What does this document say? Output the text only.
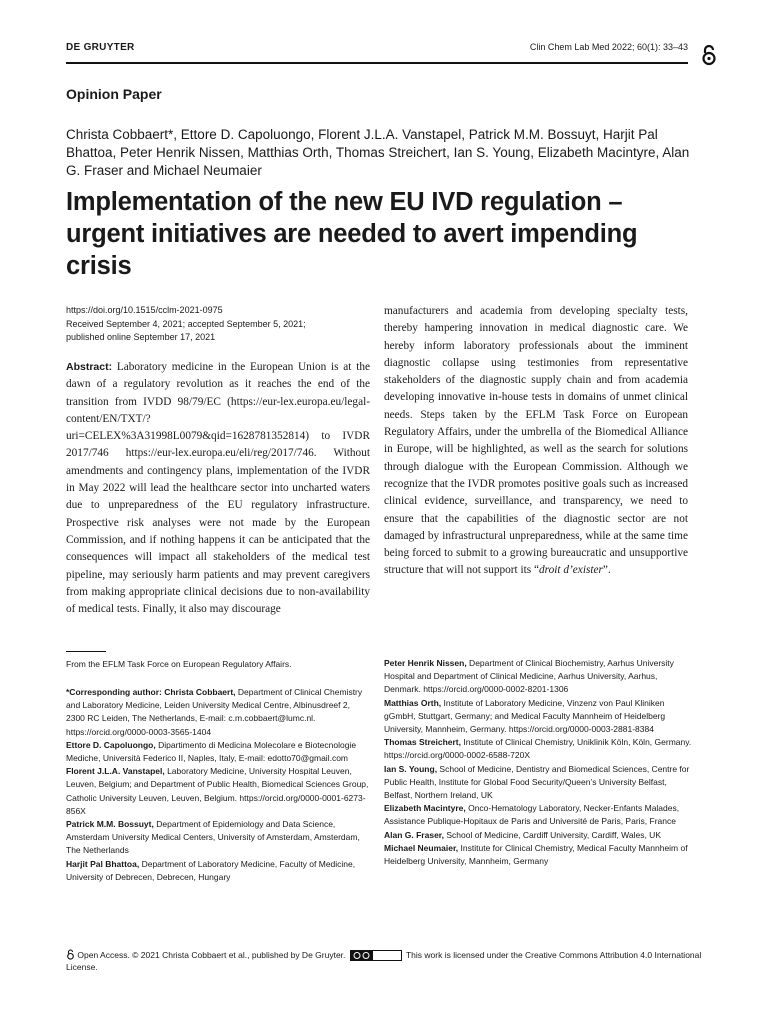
DE GRUYTER	Clin Chem Lab Med 2022; 60(1): 33–43
Opinion Paper
Christa Cobbaert*, Ettore D. Capoluongo, Florent J.L.A. Vanstapel, Patrick M.M. Bossuyt, Harjit Pal Bhattoa, Peter Henrik Nissen, Matthias Orth, Thomas Streichert, Ian S. Young, Elizabeth Macintyre, Alan G. Fraser and Michael Neumaier
Implementation of the new EU IVD regulation – urgent initiatives are needed to avert impending crisis
https://doi.org/10.1515/cclm-2021-0975
Received September 4, 2021; accepted September 5, 2021;
published online September 17, 2021
Abstract: Laboratory medicine in the European Union is at the dawn of a regulatory revolution as it reaches the end of the transition from IVDD 98/79/EC (https://eur-lex.europa.eu/legal-content/EN/TXT/?uri=CELEX%3A31998L0079&qid=1628781352814) to IVDR 2017/746 https://eur-lex.europa.eu/eli/reg/2017/746. Without amendments and contingency plans, implementation of the IVDR in May 2022 will lead the healthcare sector into uncharted waters due to unpreparedness of the EU regulatory infrastructure. Prospective risk analyses were not made by the European Commission, and if nothing happens it can be anticipated that the consequences will impact all stakeholders of the medical test pipeline, may seriously harm patients and may prevent caregivers from making appropriate clinical decisions due to non-availability of medical tests. Finally, it also may discourage
manufacturers and academia from developing specialty tests, thereby hampering innovation in medical diagnostic care. We hereby inform laboratory professionals about the imminent diagnostic collapse using testimonies from representative stakeholders of the diagnostic supply chain and from academia developing innovative in-house tests in domains of unmet clinical needs. Steps taken by the EFLM Task Force on European Regulatory Affairs, under the umbrella of the Biomedical Alliance in Europe, will be highlighted, as well as the search for solutions through dialogue with the European Commission. Although we recognize that the IVDR promotes positive goals such as increased clinical evidence, surveillance, and transparency, we need to ensure that the capabilities of the diagnostic sector are not damaged by infrastructural unpreparedness, while at the same time being forced to submit to a growing bureaucratic and unsupportive structure that will not support its “droit d’exister”.
From the EFLM Task Force on European Regulatory Affairs.

*Corresponding author: Christa Cobbaert, Department of Clinical Chemistry and Laboratory Medicine, Leiden University Medical Centre, Albinusdreef 2, 2300 RC Leiden, The Netherlands, E-mail: c.m.cobbaert@lumc.nl. https://orcid.org/0000-0003-3565-1404

Ettore D. Capoluongo, Dipartimento di Medicina Molecolare e Biotecnologie Mediche, Università Federico II, Naples, Italy, E-mail: edotto70@gmail.com

Florent J.L.A. Vanstapel, Laboratory Medicine, University Hospital Leuven, Leuven, Belgium; and Department of Public Health, Biomedical Sciences Group, Catholic University Leuven, Leuven, Belgium. https://orcid.org/0000-0001-6273-856X

Patrick M.M. Bossuyt, Department of Epidemiology and Data Science, Amsterdam University Medical Centers, University of Amsterdam, Amsterdam, The Netherlands

Harjit Pal Bhattoa, Department of Laboratory Medicine, Faculty of Medicine, University of Debrecen, Debrecen, Hungary

Peter Henrik Nissen, Department of Clinical Biochemistry, Aarhus University Hospital and Department of Clinical Medicine, Aarhus University, Aarhus, Denmark. https://orcid.org/0000-0002-8201-1306

Matthias Orth, Institute of Laboratory Medicine, Vinzenz von Paul Kliniken gGmbH, Stuttgart, Germany; and Medical Faculty Mannheim of Heidelberg University, Mannheim, Germany. https://orcid.org/0000-0003-2881-8384

Thomas Streichert, Institute of Clinical Chemistry, Uniklinik Köln, Köln, Germany. https://orcid.org/0000-0002-6588-720X

Ian S. Young, School of Medicine, Dentistry and Biomedical Sciences, Centre for Public Health, Institute for Global Food Security/Queen’s University Belfast, Belfast, Northern Ireland, UK

Elizabeth Macintyre, Onco-Hematology Laboratory, Necker-Enfants Malades, Assistance Publique-Hopitaux de Paris and Université de Paris, Paris, France

Alan G. Fraser, School of Medicine, Cardiff University, Cardiff, Wales, UK

Michael Neumaier, Institute for Clinical Chemistry, Medical Faculty Mannheim of Heidelberg University, Mannheim, Germany

Open Access. © 2021 Christa Cobbaert et al., published by De Gruyter.	This work is licensed under the Creative Commons Attribution 4.0 International License.
